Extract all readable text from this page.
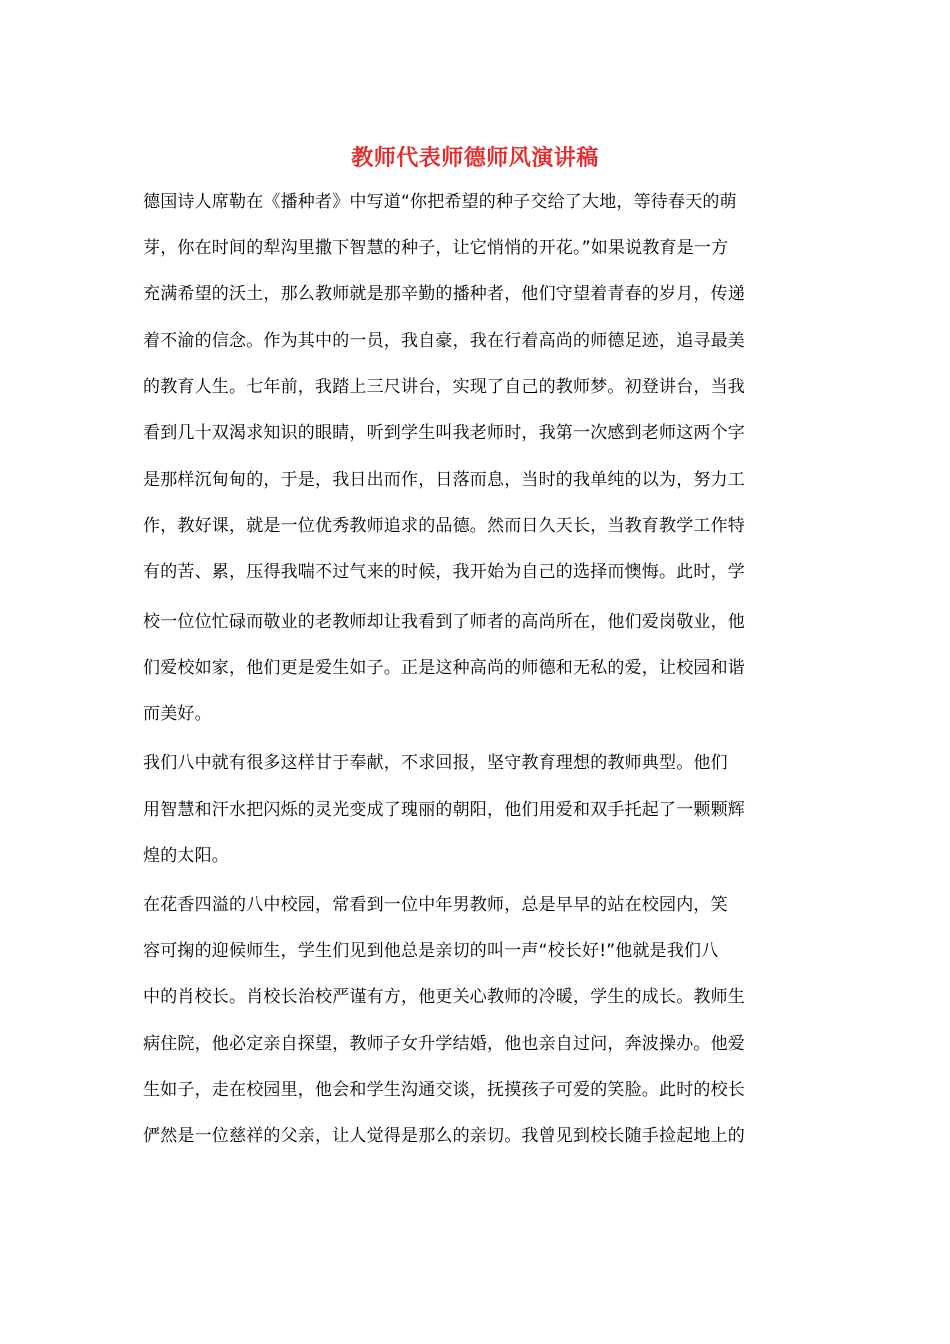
教师代表师德师风演讲稿
德国诗人席勒在《播种者》中写道“你把希望的种子交给了大地，等待春天的萌
芽，你在时间的犁沟里撒下智慧的种子，让它悄悄的开花。”如果说教育是一方
充满希望的沃土，那么教师就是那辛勤的播种者，他们守望着青春的岁月，传递
着不渝的信念。作为其中的一员，我自豪，我在行着高尚的师德足迹，追寻最美
的教育人生。七年前，我踏上三尺讲台，实现了自己的教师梦。初登讲台，当我
看到几十双渴求知识的眼睛，听到学生叫我老师时，我第一次感到老师这两个字
是那样沉甸甸的，于是，我日出而作，日落而息，当时的我单纯的以为，努力工
作，教好课，就是一位优秀教师追求的品德。然而日久天长，当教育教学工作特
有的苦、累，压得我喘不过气来的时候，我开始为自己的选择而懊悔。此时，学
校一位位忙碌而敬业的老教师却让我看到了师者的高尚所在，他们爱岗敬业，他
们爱校如家，他们更是爱生如子。正是这种高尚的师德和无私的爱，让校园和谐
而美好。
我们八中就有很多这样甘于奉献，不求回报，坚守教育理想的教师典型。他们
用智慧和汗水把闪烁的灵光变成了瑰丽的朝阳，他们用爱和双手托起了一颗颗辉
煌的太阳。
在花香四溢的八中校园，常看到一位中年男教师，总是早早的站在校园内，笑
容可掬的迎候师生，学生们见到他总是亲切的叫一声“校长好!”他就是我们八
中的肖校长。肖校长治校严谨有方，他更关心教师的冷暖，学生的成长。教师生
病住院，他必定亲自探望，教师子女升学结婚，他也亲自过问，奔波操办。他爱
生如子，走在校园里，他会和学生沟通交谈，抚摸孩子可爱的笑脸。此时的校长
俨然是一位慈祥的父亲，让人觉得是那么的亲切。我曾见到校长随手捡起地上的
